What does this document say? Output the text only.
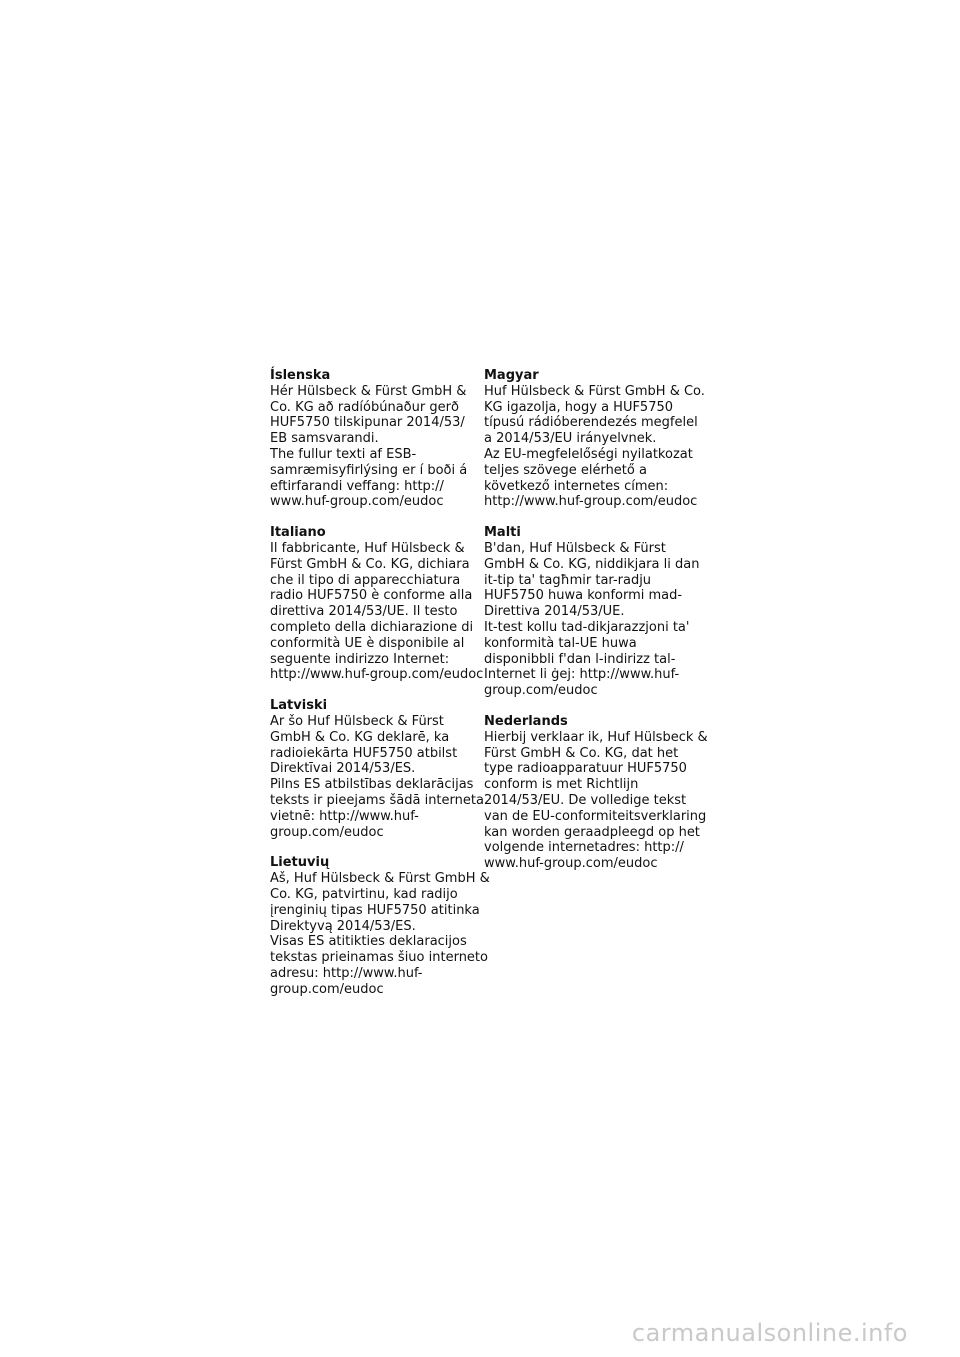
Íslenska
Hér Hülsbeck & Fürst GmbH &
Co. KG að radíóbúnaður gerð
HUF5750 tilskipunar 2014/53/
EB samsvarandi.
The fullur texti af ESB-
samræmisyfirlýsing er í boði á
eftirfarandi veffang: http://
www.huf-group.com/eudoc
Italiano
Il fabbricante, Huf Hülsbeck &
Fürst GmbH & Co. KG, dichiara
che il tipo di apparecchiatura
radio HUF5750 è conforme alla
direttiva 2014/53/UE. Il testo
completo della dichiarazione di
conformità UE è disponibile al
seguente indirizzo Internet:
http://www.huf-group.com/eudoc
Latviski
Ar šo Huf Hülsbeck & Fürst
GmbH & Co. KG deklarē, ka
radioiekārta HUF5750 atbilst
Direktīvai 2014/53/ES.
Pilns ES atbilstības deklarācijas
teksts ir pieejams šādā interneta
vietnē: http://www.huf-
group.com/eudoc
Lietuvių
Aš, Huf Hülsbeck & Fürst GmbH &
Co. KG, patvirtinu, kad radijo
įrenginių tipas HUF5750 atitinka
Direktyvą 2014/53/ES.
Visas ES atitikties deklaracijos
tekstas prieinamas šiuo interneto
adresu: http://www.huf-
group.com/eudoc
Magyar
Huf Hülsbeck & Fürst GmbH & Co.
KG igazolja, hogy a HUF5750
típusú rádióberendezés megfelel
a 2014/53/EU irányelvnek.
Az EU-megfelelőségi nyilatkozat
teljes szövege elérhető a
következő internetes címen:
http://www.huf-group.com/eudoc
Malti
B'dan, Huf Hülsbeck & Fürst
GmbH & Co. KG, niddikjara li dan
it-tip ta' tagħmir tar-radju
HUF5750 huwa konformi mad-
Direttiva 2014/53/UE.
It-test kollu tad-dikjarazzjoni ta'
konformità tal-UE huwa
disponibbli f'dan l-indirizz tal-
Internet li ġej: http://www.huf-
group.com/eudoc
Nederlands
Hierbij verklaar ik, Huf Hülsbeck &
Fürst GmbH & Co. KG, dat het
type radioapparatuur HUF5750
conform is met Richtlijn
2014/53/EU. De volledige tekst
van de EU-conformiteitsverklaring
kan worden geraadpleegd op het
volgende internetadres: http://
www.huf-group.com/eudoc
carmanualsonline.info
